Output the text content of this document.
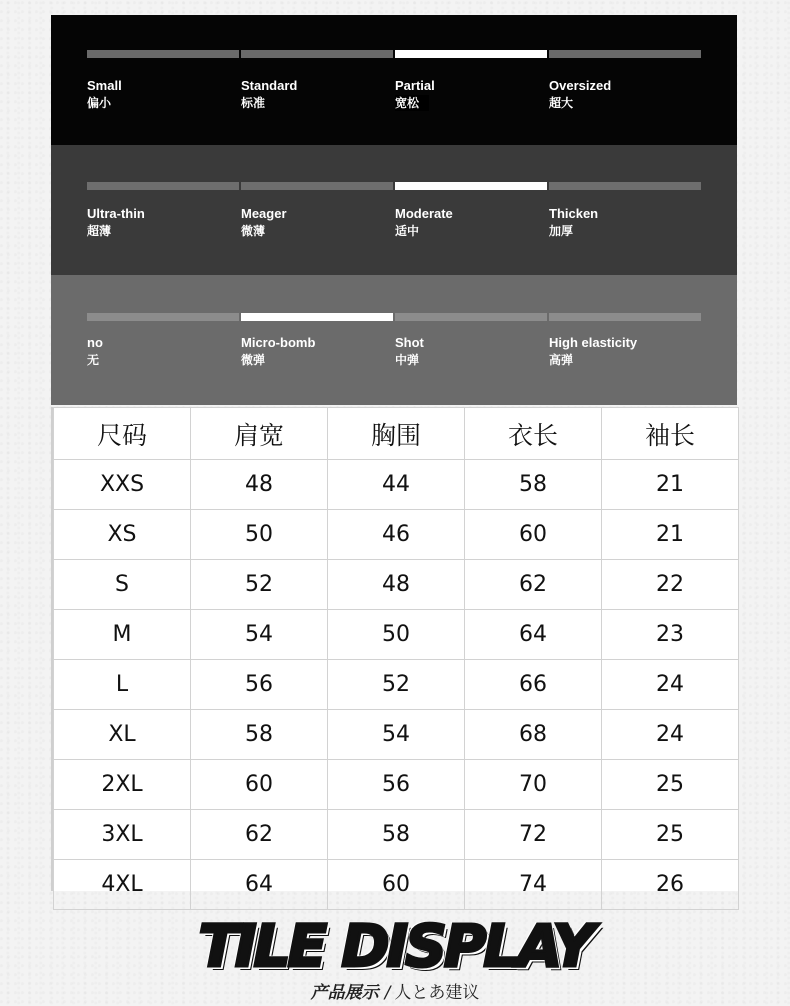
Small
偏小
Standard
标准
Partial
宽松
Oversized
超大
Ultra-thin
超薄
Meager
微薄
Moderate
适中
Thicken
加厚
no
无
Micro-bomb
微弹
Shot
中弹
High elasticity
高弹
尺码	肩宽	胸围	衣长	袖长
XXS	48	44	58	21
XS	50	46	60	21
S	52	48	62	22
M	54	50	64	23
L	56	52	66	24
XL	58	54	68	24
2XL	60	56	70	25
3XL	62	58	72	25
4XL	64	60	74	26
TILE DISPLAY
产品展示 / 人とあ建议
